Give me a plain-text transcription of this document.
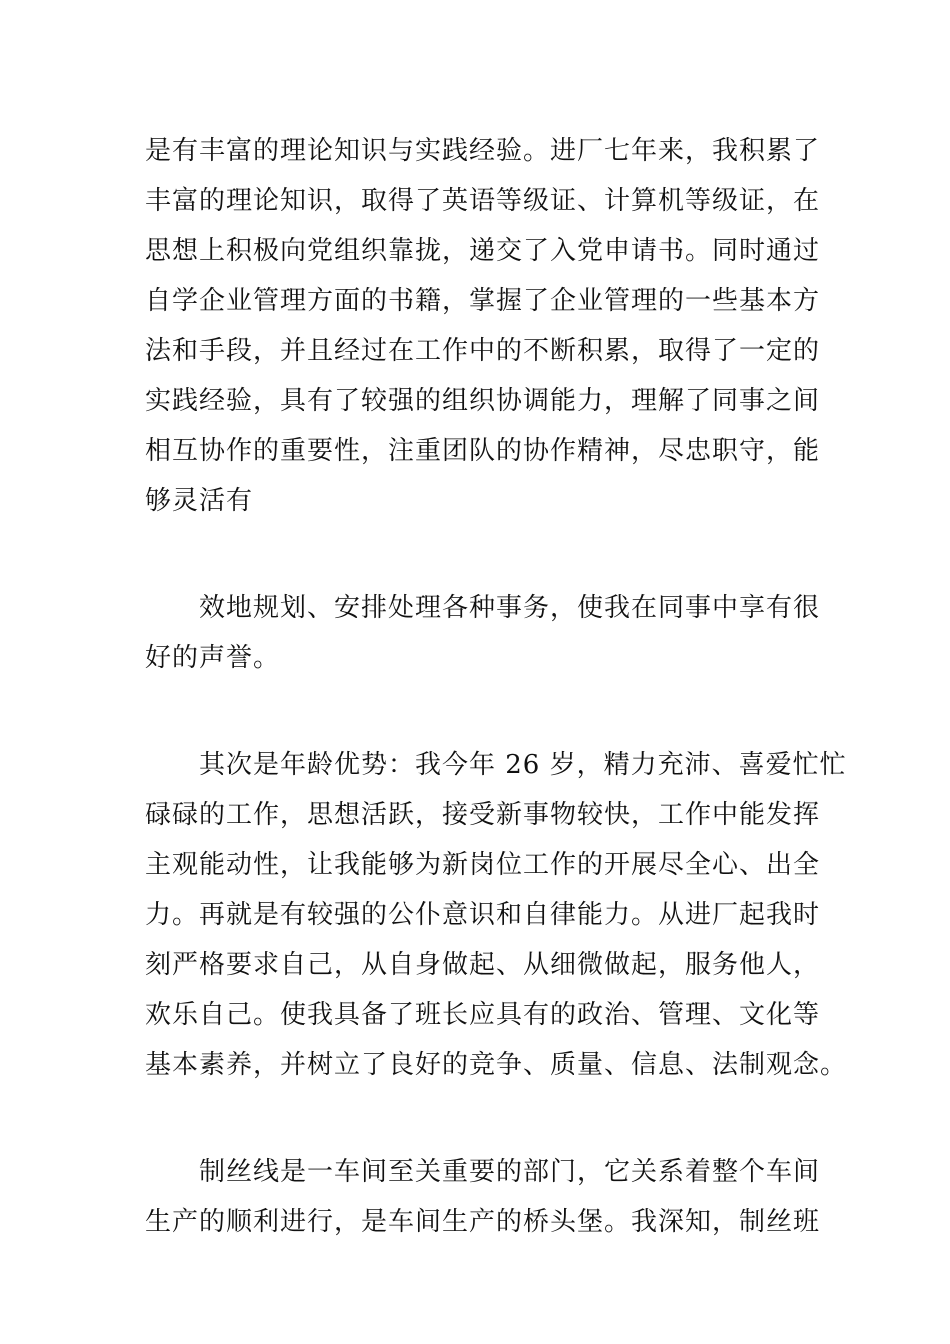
是有丰富的理论知识与实践经验。进厂七年来，我积累了
丰富的理论知识，取得了英语等级证、计算机等级证，在
思想上积极向党组织靠拢，递交了入党申请书。同时通过
自学企业管理方面的书籍，掌握了企业管理的一些基本方
法和手段，并且经过在工作中的不断积累，取得了一定的
实践经验，具有了较强的组织协调能力，理解了同事之间
相互协作的重要性，注重团队的协作精神，尽忠职守，能
够灵活有
效地规划、安排处理各种事务，使我在同事中享有很
好的声誉。
其次是年龄优势：我今年 26 岁，精力充沛、喜爱忙忙
碌碌的工作，思想活跃，接受新事物较快，工作中能发挥
主观能动性，让我能够为新岗位工作的开展尽全心、出全
力。再就是有较强的公仆意识和自律能力。从进厂起我时
刻严格要求自己，从自身做起、从细微做起，服务他人，
欢乐自己。使我具备了班长应具有的政治、管理、文化等
基本素养，并树立了良好的竞争、质量、信息、法制观念。
制丝线是一车间至关重要的部门，它关系着整个车间
生产的顺利进行，是车间生产的桥头堡。我深知，制丝班
